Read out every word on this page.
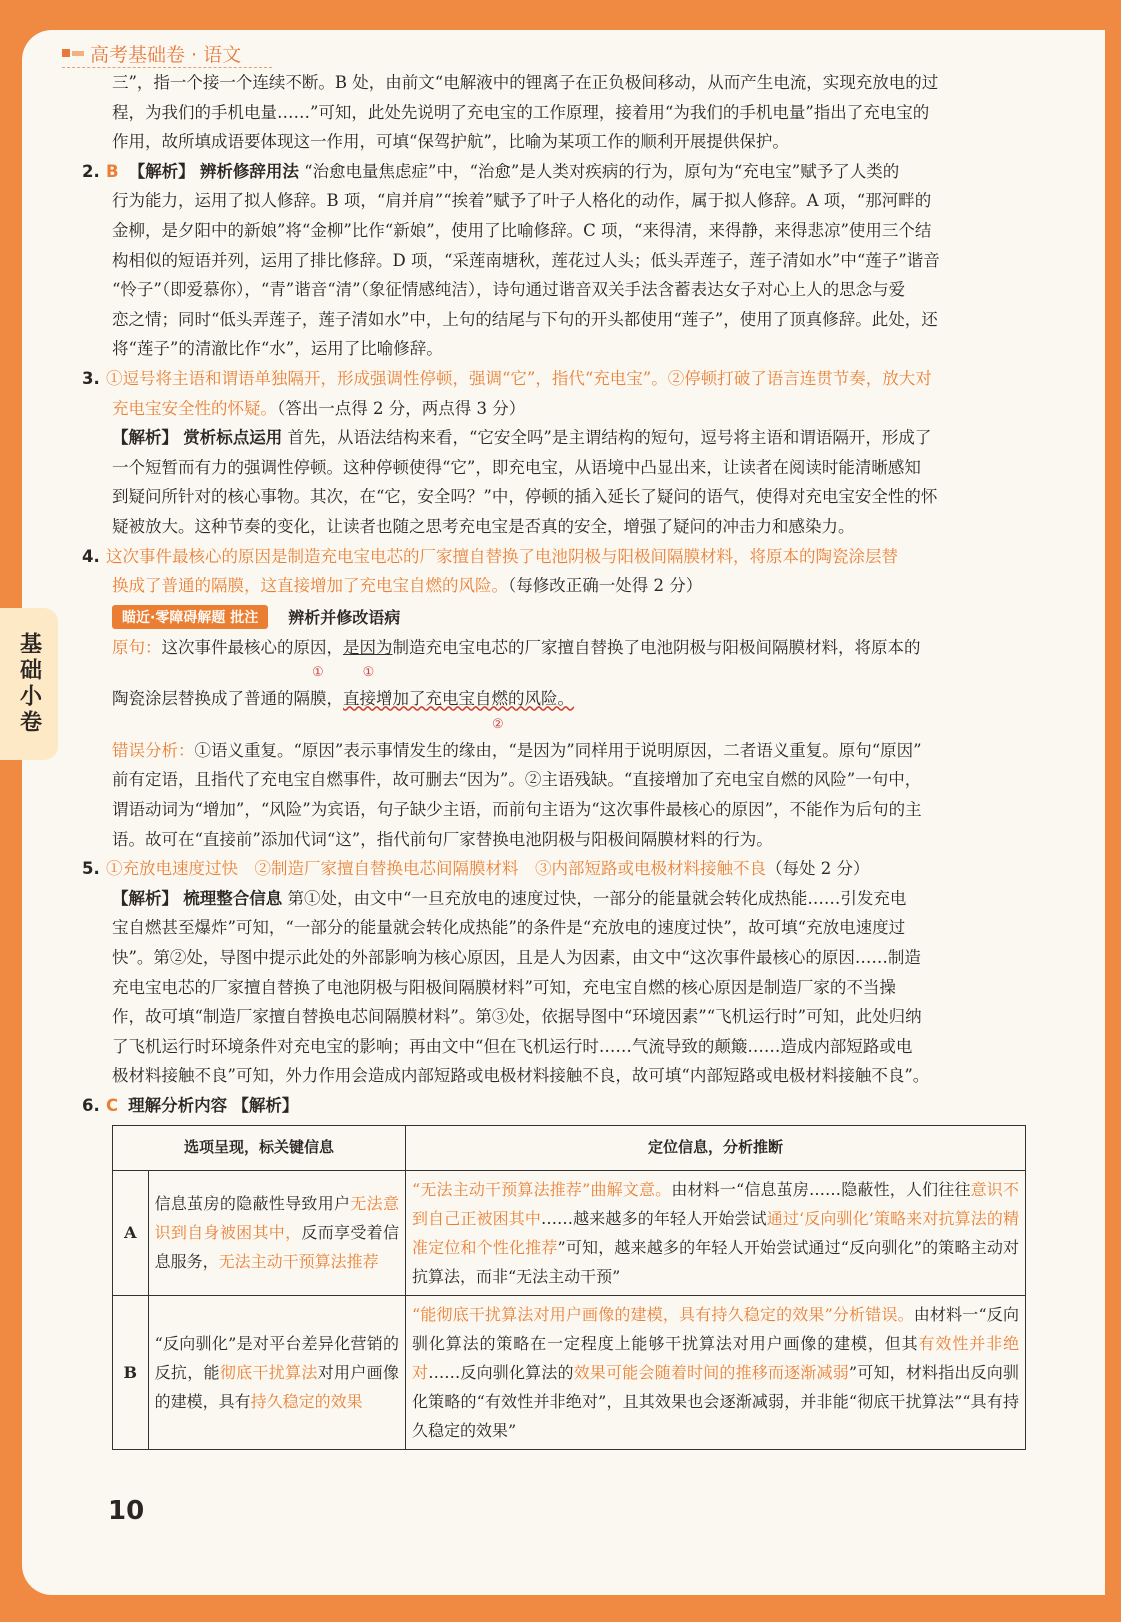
高考基础卷 · 语文
基础小卷

三”，指一个接一个连续不断。B 处，由前文“电解液中的锂离子在正负极间移动，从而产生电流，实现充放电的过

程，为我们的手机电量……”可知，此处先说明了充电宝的工作原理，接着用“为我们的手机电量”指出了充电宝的

作用，故所填成语要体现这一作用，可填“保驾护航”，比喻为某项工作的顺利开展提供保护。

2. B 【解析】 辨析修辞用法 “治愈电量焦虑症”中，“治愈”是人类对疾病的行为，原句为“充电宝”赋予了人类的

行为能力，运用了拟人修辞。B 项，“肩并肩”“挨着”赋予了叶子人格化的动作，属于拟人修辞。A 项，“那河畔的

金柳，是夕阳中的新娘”将“金柳”比作“新娘”，使用了比喻修辞。C 项，“来得清，来得静，来得悲凉”使用三个结

构相似的短语并列，运用了排比修辞。D 项，“采莲南塘秋，莲花过人头；低头弄莲子，莲子清如水”中“莲子”谐音

“怜子”（即爱慕你），“青”谐音“清”（象征情感纯洁），诗句通过谐音双关手法含蓄表达女子对心上人的思念与爱

恋之情；同时“低头弄莲子，莲子清如水”中，上句的结尾与下句的开头都使用“莲子”，使用了顶真修辞。此处，还

将“莲子”的清澈比作“水”，运用了比喻修辞。

3. ①逗号将主语和谓语单独隔开，形成强调性停顿，强调“它”，指代“充电宝”。②停顿打破了语言连贯节奏，放大对

充电宝安全性的怀疑。（答出一点得 2 分，两点得 3 分）

【解析】 赏析标点运用 首先，从语法结构来看，“它安全吗”是主谓结构的短句，逗号将主语和谓语隔开，形成了

一个短暂而有力的强调性停顿。这种停顿使得“它”，即充电宝，从语境中凸显出来，让读者在阅读时能清晰感知

到疑问所针对的核心事物。其次，在“它，安全吗？”中，停顿的插入延长了疑问的语气，使得对充电宝安全性的怀

疑被放大。这种节奏的变化，让读者也随之思考充电宝是否真的安全，增强了疑问的冲击力和感染力。

4. 这次事件最核心的原因是制造充电宝电芯的厂家擅自替换了电池阴极与阳极间隔膜材料，将原本的陶瓷涂层替

换成了普通的隔膜，这直接增加了充电宝自燃的风险。（每修改正确一处得 2 分）

瞄近·零障碍解题 批注	辨析并修改语病

原句：这次事件最核心的原因，是因为制造充电宝电芯的厂家擅自替换了电池阴极与阳极间隔膜材料，将原本的

①　　　	①

陶瓷涂层替换成了普通的隔膜，直接增加了充电宝自燃的风险。

②

错误分析：①语义重复。“原因”表示事情发生的缘由，“是因为”同样用于说明原因，二者语义重复。原句“原因”

前有定语，且指代了充电宝自燃事件，故可删去“因为”。②主语残缺。“直接增加了充电宝自燃的风险”一句中，

谓语动词为“增加”，“风险”为宾语，句子缺少主语，而前句主语为“这次事件最核心的原因”，不能作为后句的主

语。故可在“直接前”添加代词“这”，指代前句厂家替换电池阴极与阳极间隔膜材料的行为。

5. ①充放电速度过快　②制造厂家擅自替换电芯间隔膜材料　③内部短路或电极材料接触不良（每处 2 分）

【解析】 梳理整合信息 第①处，由文中“一旦充放电的速度过快，一部分的能量就会转化成热能……引发充电

宝自燃甚至爆炸”可知，“一部分的能量就会转化成热能”的条件是“充放电的速度过快”，故可填“充放电速度过

快”。第②处，导图中提示此处的外部影响为核心原因，且是人为因素，由文中“这次事件最核心的原因……制造

充电宝电芯的厂家擅自替换了电池阴极与阳极间隔膜材料”可知，充电宝自燃的核心原因是制造厂家的不当操

作，故可填“制造厂家擅自替换电芯间隔膜材料”。第③处，依据导图中“环境因素”“飞机运行时”可知，此处归纳

了飞机运行时环境条件对充电宝的影响；再由文中“但在飞机运行时……气流导致的颠簸……造成内部短路或电

极材料接触不良”可知，外力作用会造成内部短路或电极材料接触不良，故可填“内部短路或电极材料接触不良”。

6. C 理解分析内容 【解析】

选项呈现，标关键信息		定位信息，分析推断
A	信息茧房的隐蔽性导致用户无法意识到自身被困其中，反而享受着信息服务，无法主动干预算法推荐	“无法主动干预算法推荐”曲解文意。由材料一“信息茧房……隐蔽性，人们往往意识不到自己正被困其中……越来越多的年轻人开始尝试通过‘反向驯化’策略来对抗算法的精准定位和个性化推荐”可知，越来越多的年轻人开始尝试通过“反向驯化”的策略主动对抗算法，而非“无法主动干预”
B	“反向驯化”是对平台差异化营销的反抗，能彻底干扰算法对用户画像的建模，具有持久稳定的效果	“能彻底干扰算法对用户画像的建模，具有持久稳定的效果”分析错误。由材料一“反向驯化算法的策略在一定程度上能够干扰算法对用户画像的建模，但其有效性并非绝对……反向驯化算法的效果可能会随着时间的推移而逐渐减弱”可知，材料指出反向驯化策略的“有效性并非绝对”，且其效果也会逐渐减弱，并非能“彻底干扰算法”“具有持久稳定的效果”
10
